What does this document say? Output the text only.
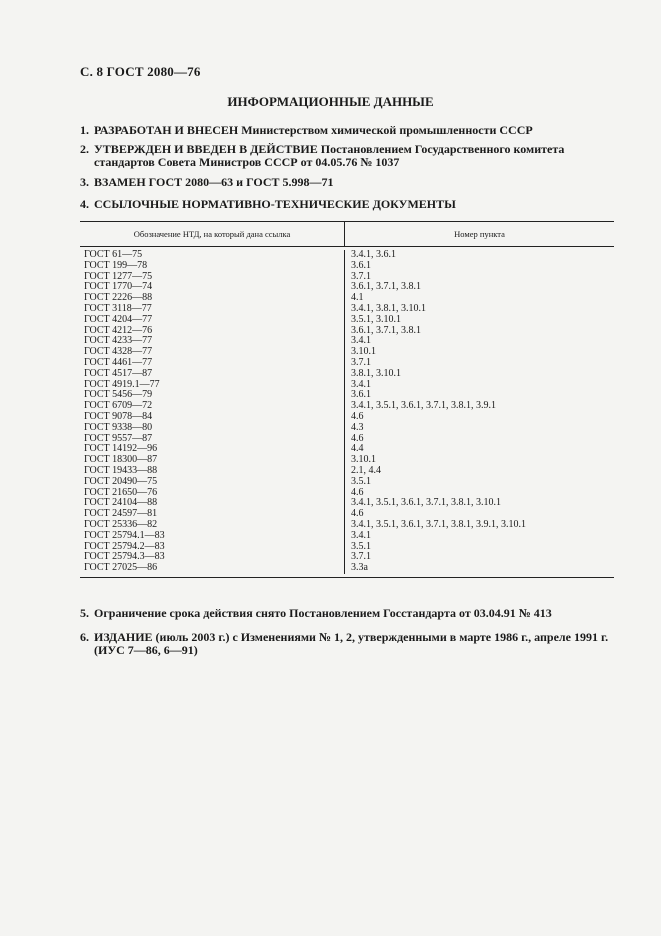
С. 8 ГОСТ 2080—76
ИНФОРМАЦИОННЫЕ ДАННЫЕ
1. РАЗРАБОТАН И ВНЕСЕН Министерством химической промышленности СССР
2. УТВЕРЖДЕН И ВВЕДЕН В ДЕЙСТВИЕ Постановлением Государственного комитета стандартов Совета Министров СССР от 04.05.76 № 1037
3. ВЗАМЕН ГОСТ 2080—63 и ГОСТ 5.998—71
4. ССЫЛОЧНЫЕ НОРМАТИВНО-ТЕХНИЧЕСКИЕ ДОКУМЕНТЫ
Обозначение НТД, на который дана ссылка	Номер пункта
ГОСТ 61—75
ГОСТ 199—78
ГОСТ 1277—75
ГОСТ 1770—74
ГОСТ 2226—88
ГОСТ 3118—77
ГОСТ 4204—77
ГОСТ 4212—76
ГОСТ 4233—77
ГОСТ 4328—77
ГОСТ 4461—77
ГОСТ 4517—87
ГОСТ 4919.1—77
ГОСТ 5456—79
ГОСТ 6709—72
ГОСТ 9078—84
ГОСТ 9338—80
ГОСТ 9557—87
ГОСТ 14192—96
ГОСТ 18300—87
ГОСТ 19433—88
ГОСТ 20490—75
ГОСТ 21650—76
ГОСТ 24104—88
ГОСТ 24597—81
ГОСТ 25336—82
ГОСТ 25794.1—83
ГОСТ 25794.2—83
ГОСТ 25794.3—83
ГОСТ 27025—86
3.4.1, 3.6.1
3.6.1
3.7.1
3.6.1, 3.7.1, 3.8.1
4.1
3.4.1, 3.8.1, 3.10.1
3.5.1, 3.10.1
3.6.1, 3.7.1, 3.8.1
3.4.1
3.10.1
3.7.1
3.8.1, 3.10.1
3.4.1
3.6.1
3.4.1, 3.5.1, 3.6.1, 3.7.1, 3.8.1, 3.9.1
4.6
4.3
4.6
4.4
3.10.1
2.1, 4.4
3.5.1
4.6
3.4.1, 3.5.1, 3.6.1, 3.7.1, 3.8.1, 3.10.1
4.6
3.4.1, 3.5.1, 3.6.1, 3.7.1, 3.8.1, 3.9.1, 3.10.1
3.4.1
3.5.1
3.7.1
3.3а
5. Ограничение срока действия снято Постановлением Госстандарта от 03.04.91 № 413
6. ИЗДАНИЕ (июль 2003 г.) с Изменениями № 1, 2, утвержденными в марте 1986 г., апреле 1991 г. (ИУС 7—86, 6—91)
